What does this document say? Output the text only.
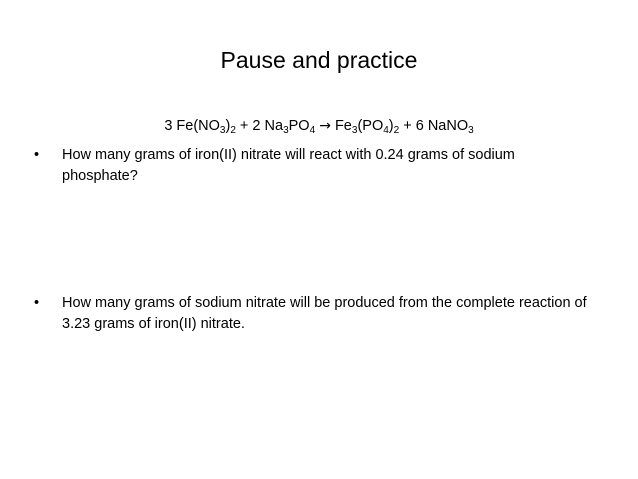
Pause and practice
3 $Fe(NO_3)_2 + 2$ $Na_3PO_4 \to Fe_3(PO_4)_2 + 6$ NaNO$_3$
•	How many grams of iron(II) nitrate will react with 0.24 grams of sodium phosphate?
•	How many grams of sodium nitrate will be produced from the complete reaction of 3.23 grams of iron(II) nitrate.
